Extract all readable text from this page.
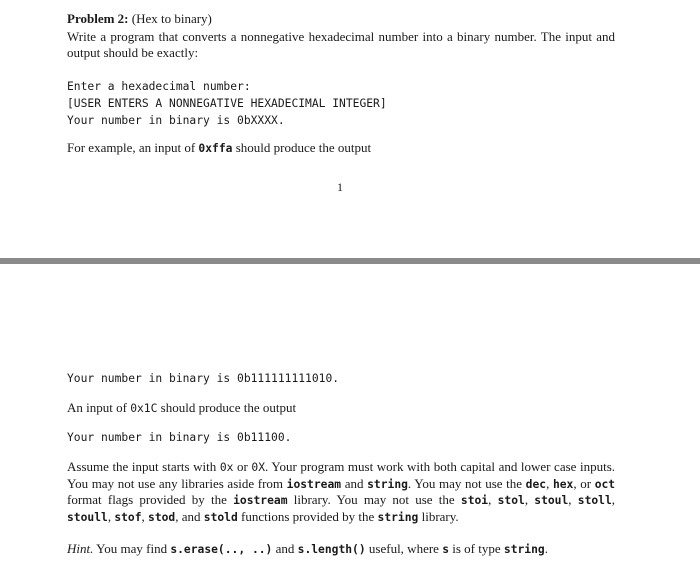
Problem 2: (Hex to binary)
Write a program that converts a nonnegative hexadecimal number into a binary number. The input and output should be exactly:
Enter a hexadecimal number:
[USER ENTERS A NONNEGATIVE HEXADECIMAL INTEGER]
Your number in binary is 0bXXXX.
For example, an input of 0xffa should produce the output
1
Your number in binary is 0b111111111010.
An input of 0x1C should produce the output
Your number in binary is 0b11100.
Assume the input starts with 0x or 0X. Your program must work with both capital and lower case inputs. You may not use any libraries aside from iostream and string. You may not use the dec, hex, or oct format flags provided by the iostream library. You may not use the stoi, stol, stoul, stoll, stoull, stof, stod, and stold functions provided by the string library.
Hint. You may find s.erase(.., ..) and s.length() useful, where s is of type string.
